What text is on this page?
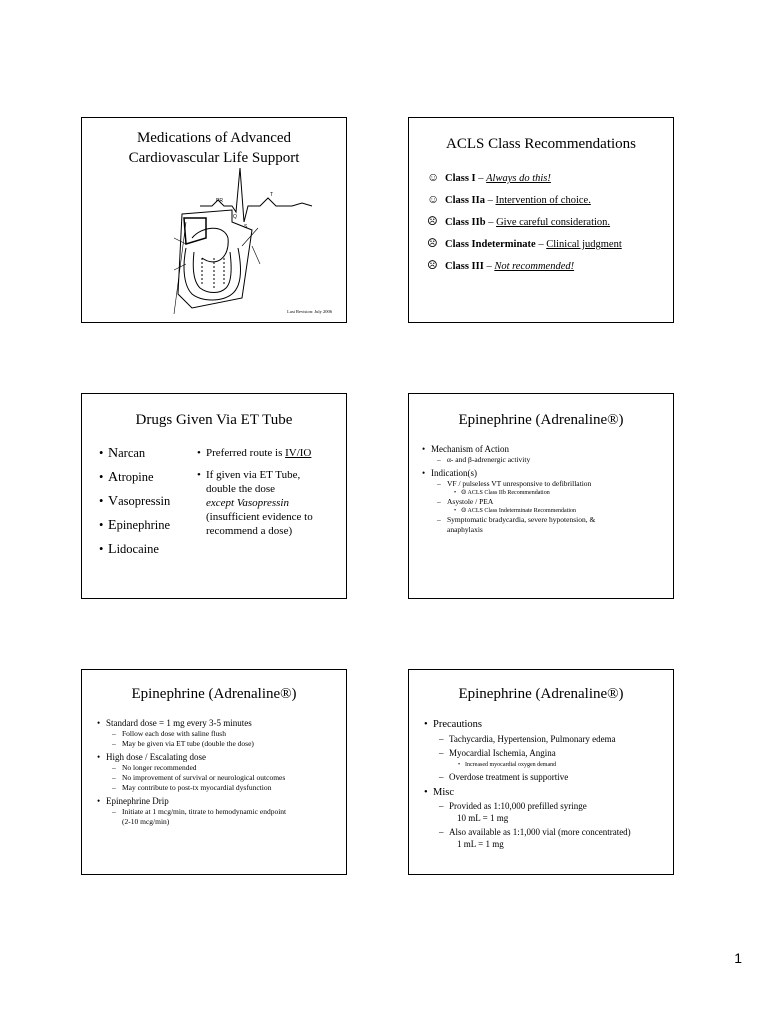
Medications of Advanced
Cardiovascular Life Support
PR
Q
S
T
Last Revision: July 2006
ACLS Class Recommendations
☺ Class I – Always do this!
☺ Class IIa – Intervention of choice.
☹ Class IIb – Give careful consideration.
☹ Class Indeterminate – Clinical judgment
☹ Class III – Not recommended!
Drugs Given Via ET Tube
• Narcan
• Atropine
• Vasopressin
• Epinephrine
• Lidocaine
• Preferred route is IV/IO
• If given via ET Tube,
double the dose
except Vasopressin
(insufficient evidence to
recommend a dose)
Epinephrine (Adrenaline®)
• Mechanism of Action
– α- and β-adrenergic activity
• Indication(s)
– VF / pulseless VT unresponsive to defibrillation
• ☹ ACLS Class IIb Recommendation
– Asystole / PEA
• ☹ ACLS Class Indeterminate Recommendation
– Symptomatic bradycardia, severe hypotension, &
anaphylaxis
Epinephrine (Adrenaline®)
• Standard dose = 1 mg every 3-5 minutes
– Follow each dose with saline flush
– May be given via ET tube (double the dose)
• High dose / Escalating dose
– No longer recommended
– No improvement of survival or neurological outcomes
– May contribute to post-tx myocardial dysfunction
• Epinephrine Drip
– Initiate at 1 mcg/min, titrate to hemodynamic endpoint
(2-10 mcg/min)
Epinephrine (Adrenaline®)
• Precautions
– Tachycardia, Hypertension, Pulmonary edema
– Myocardial Ischemia, Angina
• Increased myocardial oxygen demand
– Overdose treatment is supportive
• Misc
– Provided as 1:10,000 prefilled syringe
10 mL = 1 mg
– Also available as 1:1,000 vial (more concentrated)
1 mL = 1 mg
1
